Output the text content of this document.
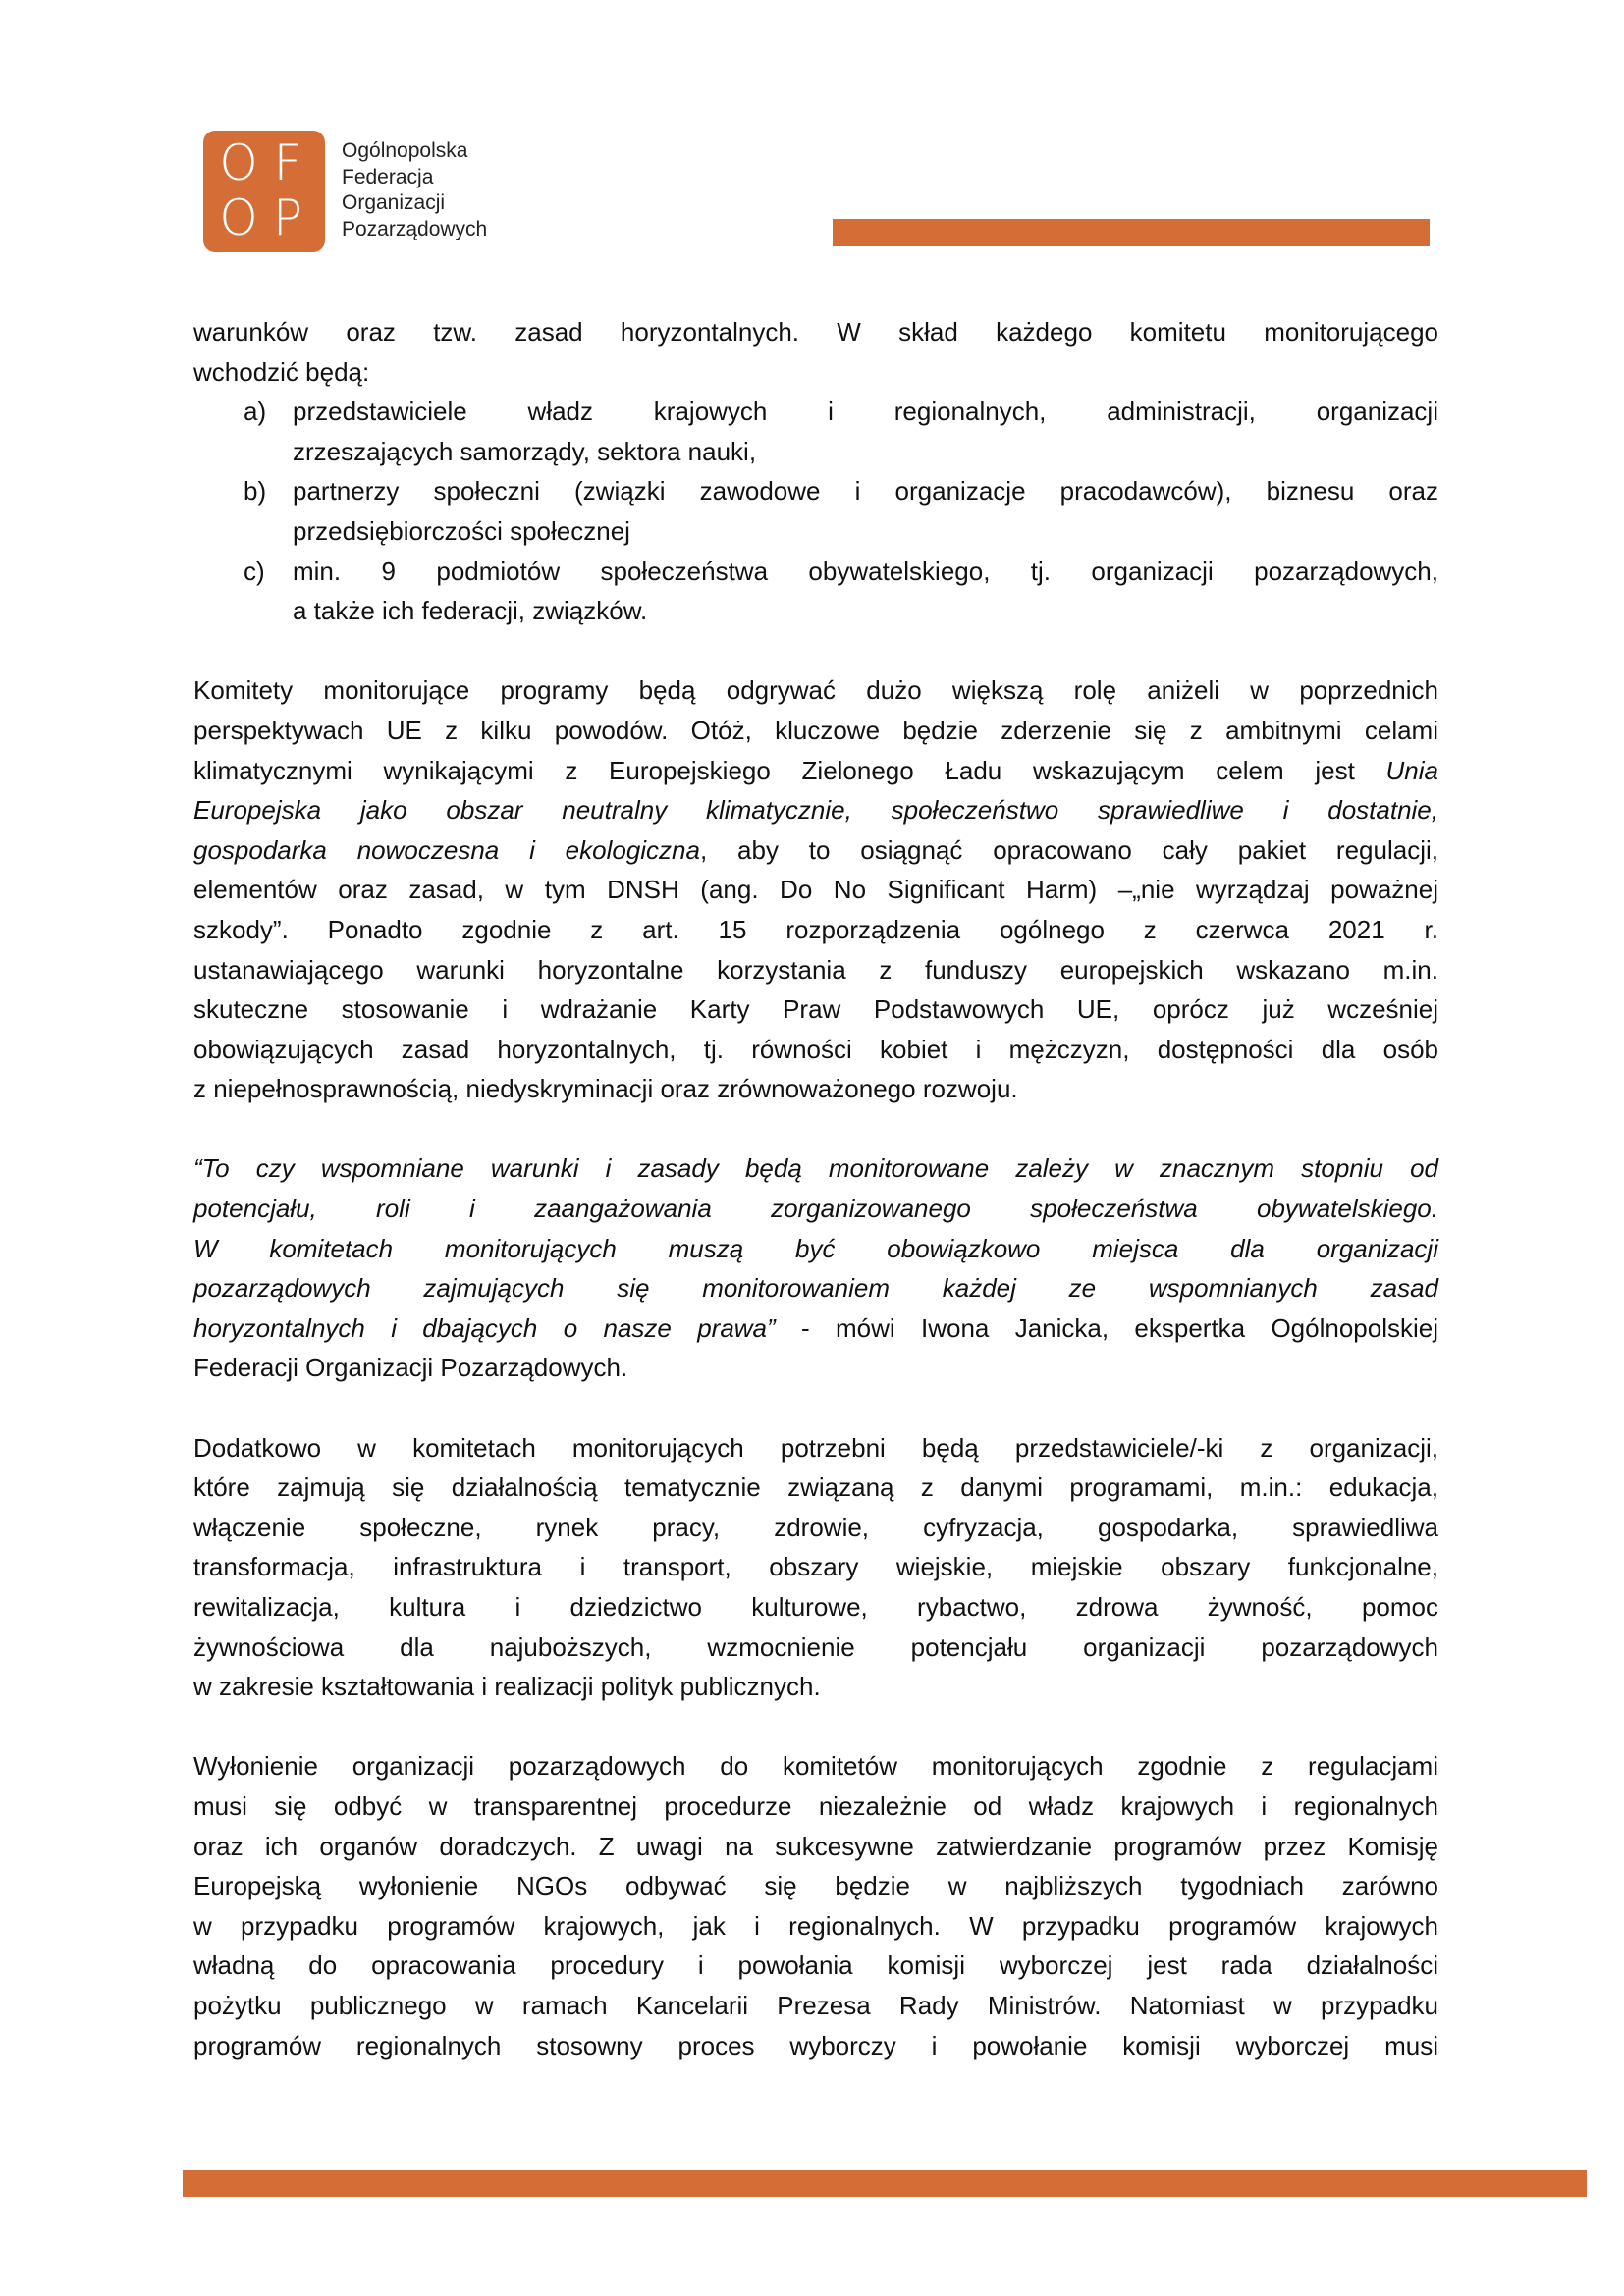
O F
O P
Ogólnopolska
Federacja
Organizacji
Pozarządowych
warunków oraz tzw. zasad horyzontalnych. W skład każdego komitetu monitorującego
wchodzić będą:
a) przedstawiciele władz krajowych i regionalnych, administracji, organizacji
zrzeszających samorządy, sektora nauki,
b) partnerzy społeczni (związki zawodowe i organizacje pracodawców), biznesu oraz
przedsiębiorczości społecznej
c) min. 9 podmiotów społeczeństwa obywatelskiego, tj. organizacji pozarządowych,
a także ich federacji, związków.
Komitety monitorujące programy będą odgrywać dużo większą rolę aniżeli w poprzednich
perspektywach UE z kilku powodów. Otóż, kluczowe będzie zderzenie się z ambitnymi celami
klimatycznymi wynikającymi z Europejskiego Zielonego Ładu wskazującym celem jest Unia
Europejska jako obszar neutralny klimatycznie, społeczeństwo sprawiedliwe i dostatnie,
gospodarka nowoczesna i ekologiczna, aby to osiągnąć opracowano cały pakiet regulacji,
elementów oraz zasad, w tym DNSH (ang. Do No Significant Harm) –„nie wyrządzaj poważnej
szkody”. Ponadto zgodnie z art. 15 rozporządzenia ogólnego z czerwca 2021 r.
ustanawiającego warunki horyzontalne korzystania z funduszy europejskich wskazano m.in.
skuteczne stosowanie i wdrażanie Karty Praw Podstawowych UE, oprócz już wcześniej
obowiązujących zasad horyzontalnych, tj. równości kobiet i mężczyzn, dostępności dla osób
z niepełnosprawnością, niedyskryminacji oraz zrównoważonego rozwoju.
“To czy wspomniane warunki i zasady będą monitorowane zależy w znacznym stopniu od
potencjału, roli i zaangażowania zorganizowanego społeczeństwa obywatelskiego.
W komitetach monitorujących muszą być obowiązkowo miejsca dla organizacji
pozarządowych zajmujących się monitorowaniem każdej ze wspomnianych zasad
horyzontalnych i dbających o nasze prawa” - mówi Iwona Janicka, ekspertka Ogólnopolskiej
Federacji Organizacji Pozarządowych.
Dodatkowo w komitetach monitorujących potrzebni będą przedstawiciele/-ki z organizacji,
które zajmują się działalnością tematycznie związaną z danymi programami, m.in.: edukacja,
włączenie społeczne, rynek pracy, zdrowie, cyfryzacja, gospodarka, sprawiedliwa
transformacja, infrastruktura i transport, obszary wiejskie, miejskie obszary funkcjonalne,
rewitalizacja, kultura i dziedzictwo kulturowe, rybactwo, zdrowa żywność, pomoc
żywnościowa dla najuboższych, wzmocnienie potencjału organizacji pozarządowych
w zakresie kształtowania i realizacji polityk publicznych.
Wyłonienie organizacji pozarządowych do komitetów monitorujących zgodnie z regulacjami
musi się odbyć w transparentnej procedurze niezależnie od władz krajowych i regionalnych
oraz ich organów doradczych. Z uwagi na sukcesywne zatwierdzanie programów przez Komisję
Europejską wyłonienie NGOs odbywać się będzie w najbliższych tygodniach zarówno
w przypadku programów krajowych, jak i regionalnych. W przypadku programów krajowych
władną do opracowania procedury i powołania komisji wyborczej jest rada działalności
pożytku publicznego w ramach Kancelarii Prezesa Rady Ministrów. Natomiast w przypadku
programów regionalnych stosowny proces wyborczy i powołanie komisji wyborczej musi
